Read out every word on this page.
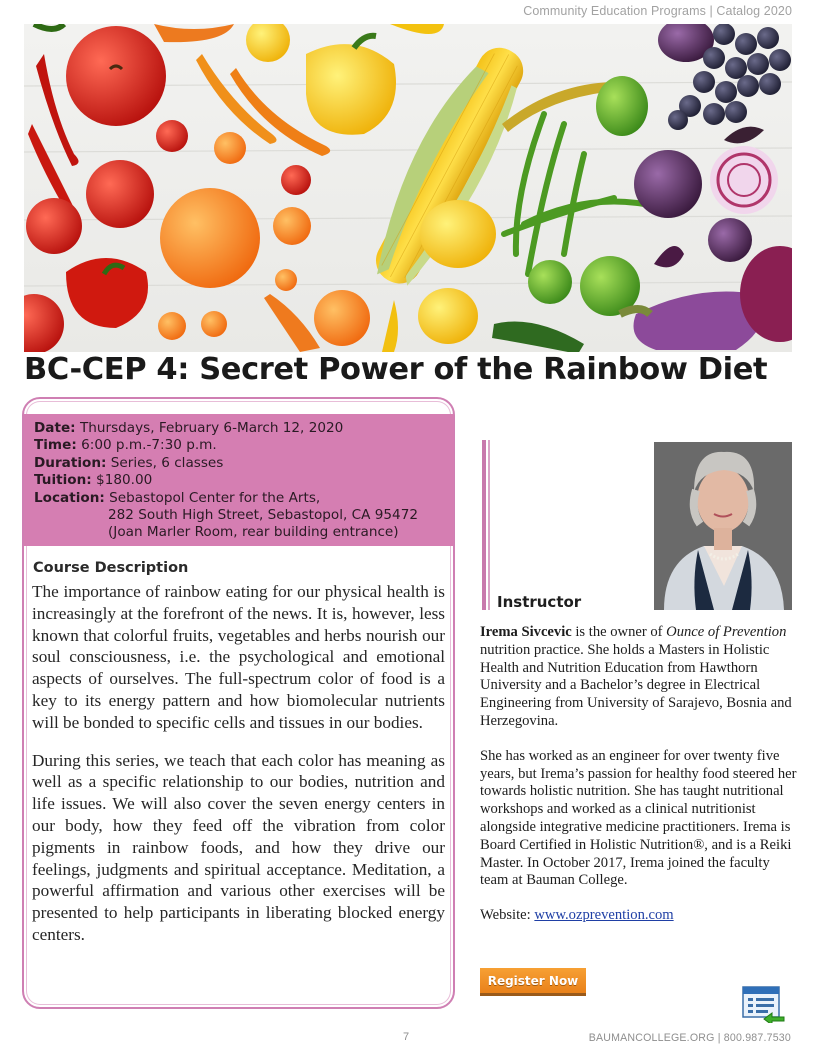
Community Education Programs | Catalog 2020
BC-CEP 4: Secret Power of the Rainbow Diet
Date: Thursdays, February 6-March 12, 2020
Time: 6:00 p.m.-7:30 p.m.
Duration: Series, 6 classes
Tuition: $180.00
Location: Sebastopol Center for the Arts,
282 South High Street, Sebastopol, CA 95472
(Joan Marler Room, rear building entrance)
Course Description

The importance of rainbow eating for our physical health is increasingly at the forefront of the news. It is, however, less known that colorful fruits, vegetables and herbs nourish our soul consciousness, i.e. the psychological and emotional aspects of ourselves. The full-spectrum color of food is a key to its energy pattern and how biomolecular nutrients will be bonded to specific cells and tissues in our bodies.

During this series, we teach that each color has meaning as well as a specific relationship to our bodies, nutrition and life issues. We will also cover the seven energy centers in our body, how they feed off the vibration from color pigments in rainbow foods, and how they drive our feelings, judgments and spiritual acceptance. Meditation, a powerful affirmation and various other exercises will be presented to help participants in liberating blocked energy centers.

Instructor

Irema Sivcevic is the owner of Ounce of Prevention nutrition practice. She holds a Masters in Holistic Health and Nutrition Education from Hawthorn University and a Bachelor’s degree in Electrical Engineering from University of Sarajevo, Bosnia and Herzegovina.

She has worked as an engineer for over twenty five years, but Irema’s passion for healthy food steered her towards holistic nutrition. She has taught nutritional workshops and worked as a clinical nutritionist alongside integrative medicine practitioners. Irema is Board Certified in Holistic Nutrition®, and is a Reiki Master. In October 2017, Irema joined the faculty team at Bauman College.

Website: www.ozprevention.com

Register Now
7	BAUMANCOLLEGE.ORG | 800.987.7530
